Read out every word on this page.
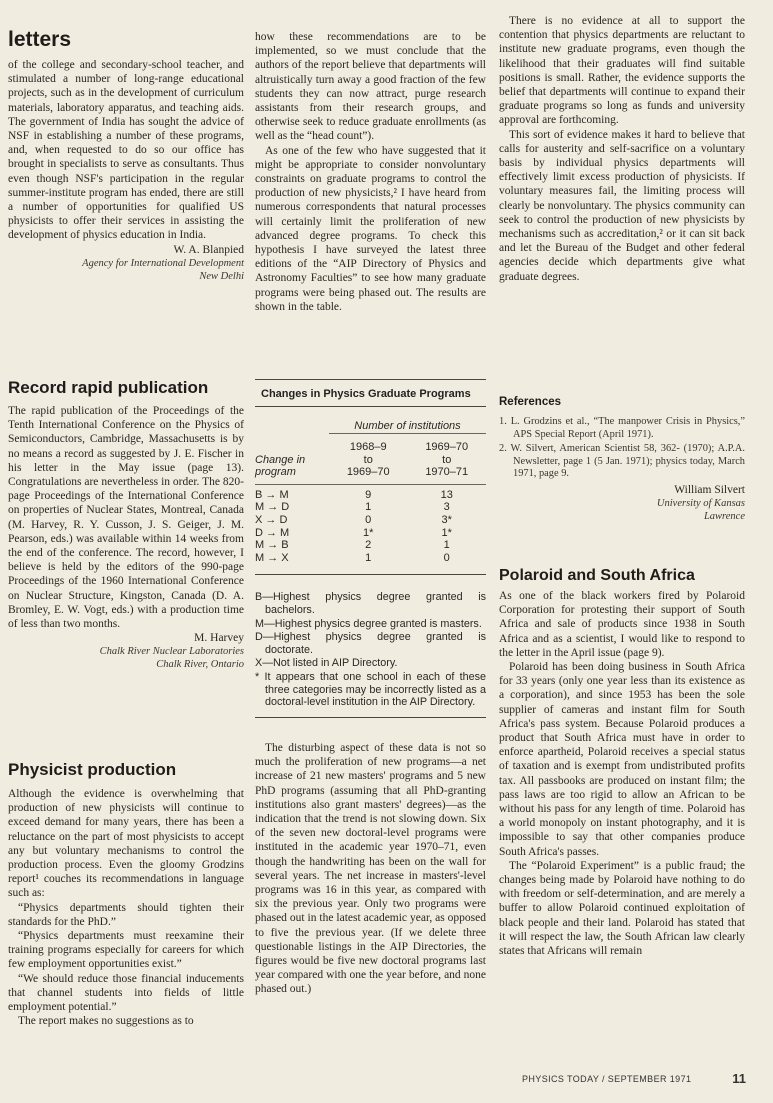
letters

of the college and secondary-school teacher, and stimulated a number of long-range educational projects, such as in the development of curriculum materials, laboratory apparatus, and teaching aids. The government of India has sought the advice of NSF in establishing a number of these programs, and, when requested to do so our office has brought in specialists to serve as consultants. Thus even though NSF's participation in the regular summer-institute program has ended, there are still a number of opportunities for qualified US physicists to offer their services in assisting the development of physics education in India.

W. A. Blanpied

Agency for International Development

New Delhi

Record rapid publication

The rapid publication of the Proceedings of the Tenth International Conference on the Physics of Semiconductors, Cambridge, Massachusetts is by no means a record as suggested by J. E. Fischer in his letter in the May issue (page 13). Congratulations are nevertheless in order. The 820-page Proceedings of the International Conference on properties of Nuclear States, Montreal, Canada (M. Harvey, R. Y. Cusson, J. S. Geiger, J. M. Pearson, eds.) was available within 14 weeks from the end of the conference. The record, however, I believe is held by the editors of the 990-page Proceedings of the 1960 International Conference on Nuclear Structure, Kingston, Canada (D. A. Bromley, E. W. Vogt, eds.) with a production time of less than two months.

M. Harvey

Chalk River Nuclear Laboratories

Chalk River, Ontario

Physicist production

Although the evidence is overwhelming that production of new physicists will continue to exceed demand for many years, there has been a reluctance on the part of most physicists to accept any but voluntary mechanisms to control the production process. Even the gloomy Grodzins report¹ couches its recommendations in language such as:

“Physics departments should tighten their standards for the PhD.”

“Physics departments must reexamine their training programs especially for careers for which few employment opportunities exist.”

“We should reduce those financial inducements that channel students into fields of little employment potential.”

The report makes no suggestions as to

how these recommendations are to be implemented, so we must conclude that the authors of the report believe that departments will altruistically turn away a good fraction of the few students they can now attract, purge research assistants from their research groups, and otherwise seek to reduce graduate enrollments (as well as the “head count”).

As one of the few who have suggested that it might be appropriate to consider nonvoluntary constraints on graduate programs to control the production of new physicists,² I have heard from numerous correspondents that natural processes will certainly limit the proliferation of new advanced degree programs. To check this hypothesis I have surveyed the latest three editions of the “AIP Directory of Physics and Astronomy Faculties” to see how many graduate programs were being phased out. The results are shown in the table.

Changes in Physics Graduate Programs
	Number of institutions	

	1968–9	1969–70
Change in	to	to
program	1969–70	1970–71

B → M	9	13
M → D	1	3
X → D	0	3*
D → M	1*	1*
M → B	2	1
M → X	1	0

B—Highest physics degree granted is bachelors.

M—Highest physics degree granted is masters.

D—Highest physics degree granted is doctorate.

X—Not listed in AIP Directory.

* It appears that one school in each of these three categories may be incorrectly listed as a doctoral-level institution in the AIP Directory.

The disturbing aspect of these data is not so much the proliferation of new programs—a net increase of 21 new masters' programs and 5 new PhD programs (assuming that all PhD-granting institutions also grant masters' degrees)—as the indication that the trend is not slowing down. Six of the seven new doctoral-level programs were instituted in the academic year 1970–71, even though the handwriting has been on the wall for several years. The net increase in masters'-level programs was 16 in this year, as compared with six the previous year. Only two programs were phased out in the latest academic year, as opposed to five the previous year. (If we delete three questionable listings in the AIP Directories, the figures would be five new doctoral programs last year compared with one the year before, and none phased out.)

There is no evidence at all to support the contention that physics departments are reluctant to institute new graduate programs, even though the likelihood that their graduates will find suitable positions is small. Rather, the evidence supports the belief that departments will continue to expand their graduate programs so long as funds and university approval are forthcoming.

This sort of evidence makes it hard to believe that calls for austerity and self-sacrifice on a voluntary basis by individual physics departments will effectively limit excess production of physicists. If voluntary measures fail, the limiting process will clearly be nonvoluntary. The physics community can seek to control the production of new physicists by mechanisms such as accreditation,² or it can sit back and let the Bureau of the Budget and other federal agencies decide which departments give what graduate degrees.

References

1. L. Grodzins et al., “The manpower Crisis in Physics,” APS Special Report (April 1971).

2. W. Silvert, American Scientist 58, 362- (1970); A.P.A. Newsletter, page 1 (5 Jan. 1971); physics today, March 1971, page 9.

William Silvert

University of Kansas

Lawrence

Polaroid and South Africa

As one of the black workers fired by Polaroid Corporation for protesting their support of South Africa and sale of products since 1938 in South Africa and as a scientist, I would like to respond to the letter in the April issue (page 9).

Polaroid has been doing business in South Africa for 33 years (only one year less than its existence as a corporation), and since 1953 has been the sole supplier of cameras and instant film for South Africa's pass system. Because Polaroid produces a product that South Africa must have in order to enforce apartheid, Polaroid receives a special status of taxation and is exempt from undistributed profits tax. All passbooks are produced on instant film; the pass laws are too rigid to allow an African to be without his pass for any length of time. Polaroid has a world monopoly on instant photography, and it is impossible to say that other companies produce South Africa's passes.

The “Polaroid Experiment” is a public fraud; the changes being made by Polaroid have nothing to do with freedom or self-determination, and are merely a buffer to allow Polaroid continued exploitation of black people and their land. Polaroid has stated that it will respect the law, the South African law clearly states that Africans will remain

PHYSICS TODAY / SEPTEMBER 1971	11
